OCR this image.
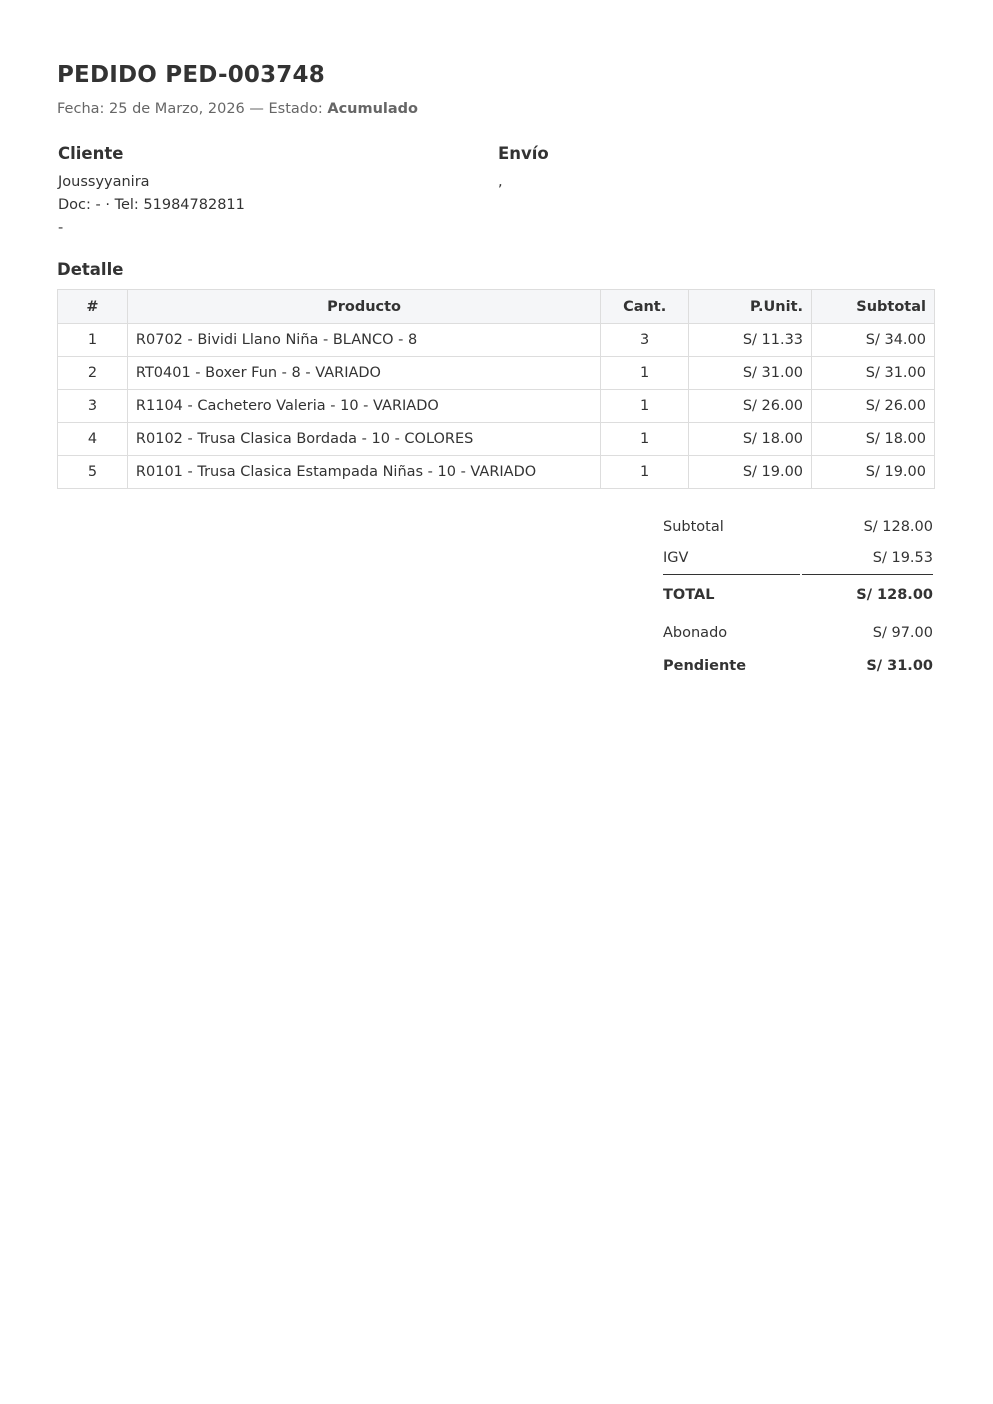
PEDIDO PED-003748
Fecha: 25 de Marzo, 2026 — Estado: Acumulado
Cliente
Joussyyanira
Doc: - · Tel: 51984782811
-
Envío
,
Detalle
#	Producto	Cant.	P.Unit.	Subtotal
1	R0702 - Bividi Llano Niña - BLANCO - 8	3	S/ 11.33	S/ 34.00
2	RT0401 - Boxer Fun - 8 - VARIADO	1	S/ 31.00	S/ 31.00
3	R1104 - Cachetero Valeria - 10 - VARIADO	1	S/ 26.00	S/ 26.00
4	R0102 - Trusa Clasica Bordada - 10 - COLORES	1	S/ 18.00	S/ 18.00
5	R0101 - Trusa Clasica Estampada Niñas - 10 - VARIADO	1	S/ 19.00	S/ 19.00
Subtotal	S/ 128.00
IGV	S/ 19.53
TOTAL	S/ 128.00
Abonado	S/ 97.00
Pendiente	S/ 31.00
